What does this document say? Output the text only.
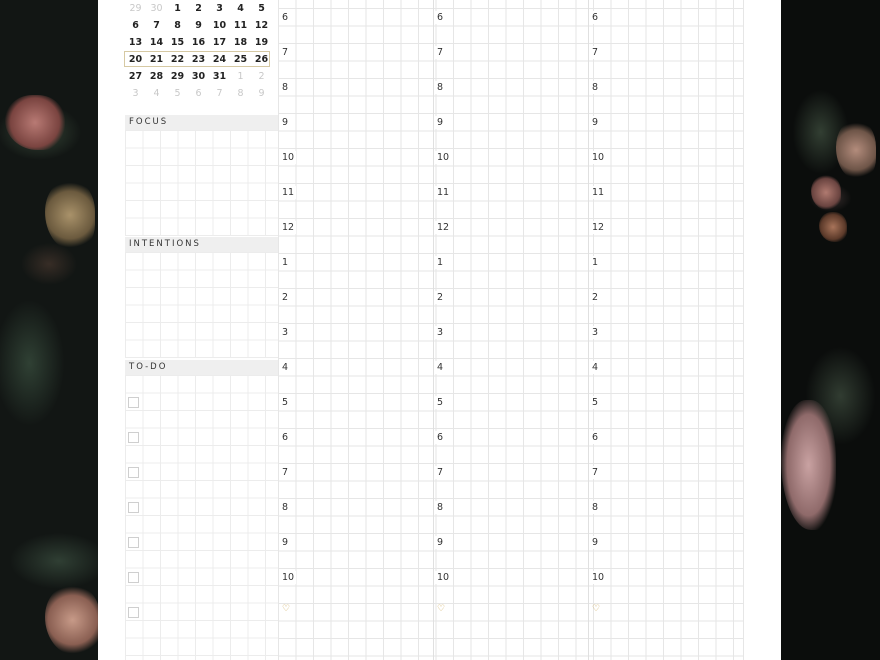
29 30	1	2	3	4	5
6	7	8	9	10 11 12
13 14 15 16 17 18 19
20 21 22 23 24 25 26
27 28 29 30 31	1	2
3	4	5	6	7	8	9
FOCUS
INTENTIONS
TO-DO
6
7
8
9
10
11
12
1
2
3
4
5
6
7
8
9
10
♡
6
7
8
9
10
11
12
1
2
3
4
5
6
7
8
9
10
♡
6
7
8
9
10
11
12
1
2
3
4
5
6
7
8
9
10
♡
